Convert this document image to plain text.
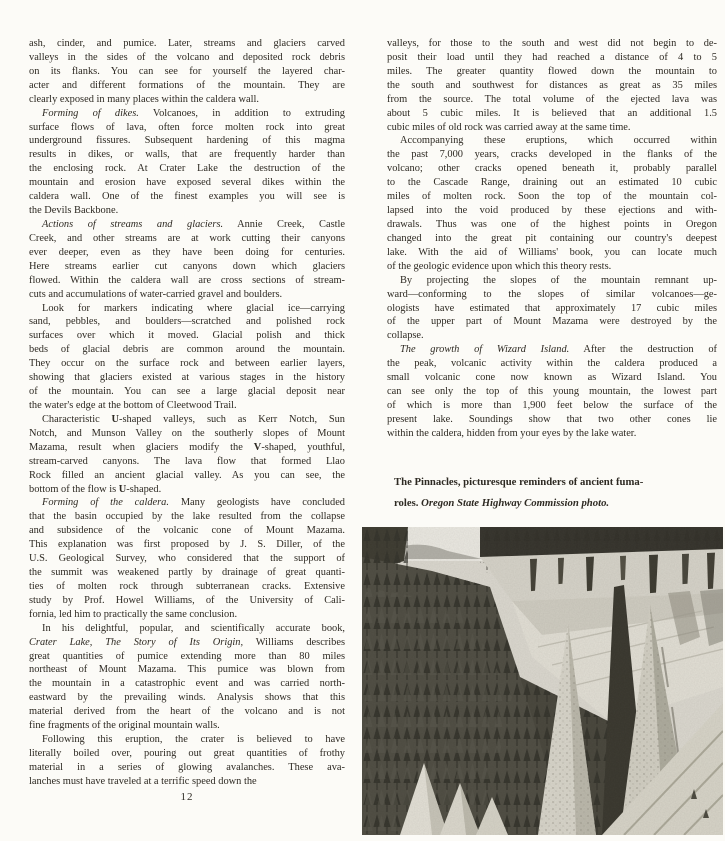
ash, cinder, and pumice. Later, streams and glaciers carved
valleys in the sides of the volcano and deposited rock debris
on its flanks. You can see for yourself the layered char-
acter and different formations of the mountain. They are
clearly exposed in many places within the caldera wall.
Forming of dikes. Volcanoes, in addition to extruding
surface flows of lava, often force molten rock into great
underground fissures. Subsequent hardening of this magma
results in dikes, or walls, that are frequently harder than
the enclosing rock. At Crater Lake the destruction of the
mountain and erosion have exposed several dikes within the
caldera wall. One of the finest examples you will see is
the Devils Backbone.
Actions of streams and glaciers. Annie Creek, Castle
Creek, and other streams are at work cutting their canyons
ever deeper, even as they have been doing for centuries.
Here streams earlier cut canyons down which glaciers
flowed. Within the caldera wall are cross sections of stream-
cuts and accumulations of water-carried gravel and boulders.
Look for markers indicating where glacial ice—carrying
sand, pebbles, and boulders—scratched and polished rock
surfaces over which it moved. Glacial polish and thick
beds of glacial debris are common around the mountain.
They occur on the surface rock and between earlier layers,
showing that glaciers existed at various stages in the history
of the mountain. You can see a large glacial deposit near
the water's edge at the bottom of Cleetwood Trail.
Characteristic U-shaped valleys, such as Kerr Notch, Sun
Notch, and Munson Valley on the southerly slopes of Mount
Mazama, result when glaciers modify the V-shaped, youthful,
stream-carved canyons. The lava flow that formed Llao
Rock filled an ancient glacial valley. As you can see, the
bottom of the flow is U-shaped.
Forming of the caldera. Many geologists have concluded
that the basin occupied by the lake resulted from the collapse
and subsidence of the volcanic cone of Mount Mazama.
This explanation was first proposed by J. S. Diller, of the
U.S. Geological Survey, who considered that the support of
the summit was weakened partly by drainage of great quanti-
ties of molten rock through subterranean cracks. Extensive
study by Prof. Howel Williams, of the University of Cali-
fornia, led him to practically the same conclusion.
In his delightful, popular, and scientifically accurate book,
Crater Lake, The Story of Its Origin, Williams describes
great quantities of pumice extending more than 80 miles
northeast of Mount Mazama. This pumice was blown from
the mountain in a catastrophic event and was carried north-
eastward by the prevailing winds. Analysis shows that this
material derived from the heart of the volcano and is not
fine fragments of the original mountain walls.
Following this eruption, the crater is believed to have
literally boiled over, pouring out great quantities of frothy
material in a series of glowing avalanches. These ava-
lanches must have traveled at a terrific speed down the
valleys, for those to the south and west did not begin to de-
posit their load until they had reached a distance of 4 to 5
miles. The greater quantity flowed down the mountain to
the south and southwest for distances as great as 35 miles
from the source. The total volume of the ejected lava was
about 5 cubic miles. It is believed that an additional 1.5
cubic miles of old rock was carried away at the same time.
Accompanying these eruptions, which occurred within
the past 7,000 years, cracks developed in the flanks of the
volcano; other cracks opened beneath it, probably parallel
to the Cascade Range, draining out an estimated 10 cubic
miles of molten rock. Soon the top of the mountain col-
lapsed into the void produced by these ejections and with-
drawals. Thus was one of the highest points in Oregon
changed into the great pit containing our country's deepest
lake. With the aid of Williams' book, you can locate much
of the geologic evidence upon which this theory rests.
By projecting the slopes of the mountain remnant up-
ward—conforming to the slopes of similar volcanoes—ge-
ologists have estimated that approximately 17 cubic miles
of the upper part of Mount Mazama were destroyed by the
collapse.
The growth of Wizard Island. After the destruction of
the peak, volcanic activity within the caldera produced a
small volcanic cone now known as Wizard Island. You
can see only the top of this young mountain, the lowest part
of which is more than 1,900 feet below the surface of the
present lake. Soundings show that two other cones lie
within the caldera, hidden from your eyes by the lake water.
The Pinnacles, picturesque reminders of ancient fuma-
roles. Oregon State Highway Commission photo.
12
